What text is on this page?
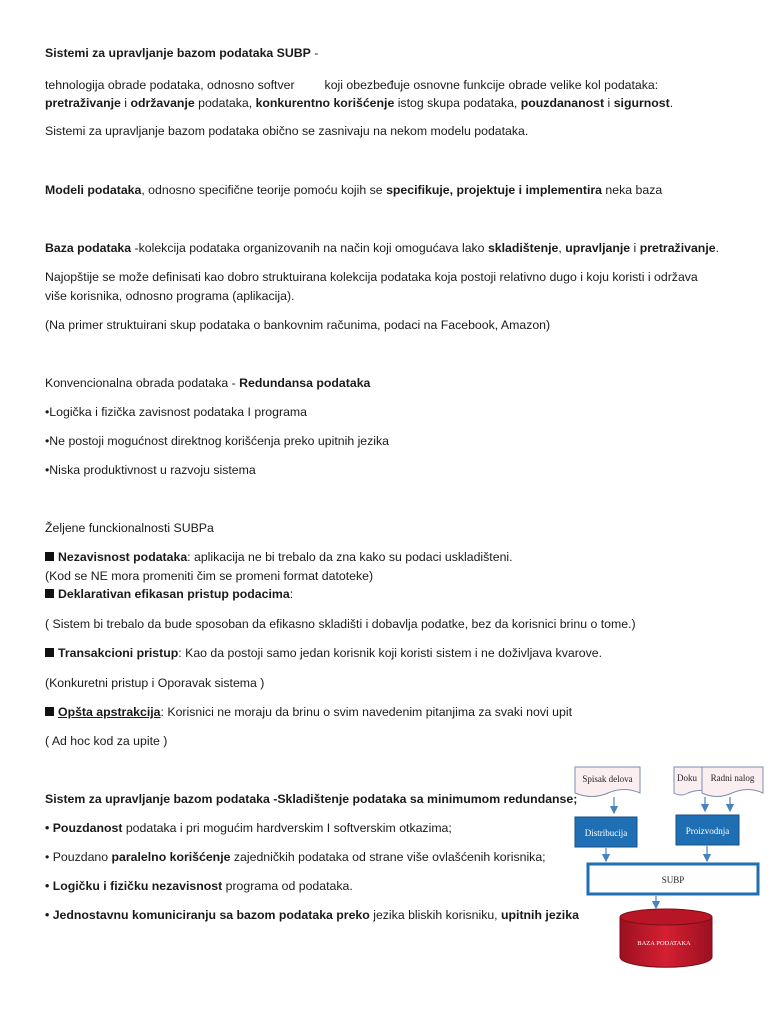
Sistemi za upravljanje bazom podataka SUBP -
tehnologija obrade podataka, odnosno softver koji obezbeđuje osnovne funkcije obrade velike kol podataka:
pretraživanje i održavanje podataka, konkurentno korišćenje istog skupa podataka, pouzdananost i sigurnost.
Sistemi za upravljanje bazom podataka obično se zasnivaju na nekom modelu podataka.
Modeli podataka, odnosno specifične teorije pomoću kojih se specifikuje, projektuje i implementira neka baza
Baza podataka -kolekcija podataka organizovanih na način koji omogućava lako skladištenje, upravljanje i pretraživanje.
Najopštije se može definisati kao dobro struktuirana kolekcija podataka koja postoji relativno dugo i koju koristi i održava
više korisnika, odnosno programa (aplikacija).
(Na primer struktuirani skup podataka o bankovnim računima, podaci na Facebook, Amazon)
Konvencionalna obrada podataka - Redundansa podataka
•Logička i fizička zavisnost podataka I programa
•Ne postoji mogućnost direktnog korišćenja preko upitnih jezika
•Niska produktivnost u razvoju sistema
Željene funckionalnosti SUBPa
Nezavisnost podataka: aplikacija ne bi trebalo da zna kako su podaci uskladišteni.
(Kod se NE mora promeniti čim se promeni format datoteke)
Deklarativan efikasan pristup podacima:
( Sistem bi trebalo da bude sposoban da efikasno skladišti i dobavlja podatke, bez da korisnici brinu o tome.)
Transakcioni pristup: Kao da postoji samo jedan korisnik koji koristi sistem i ne doživljava kvarove.
(Konkuretni pristup i Oporavak sistema )
Opšta apstrakcija: Korisnici ne moraju da brinu o svim navedenim pitanjima za svaki novi upit
( Ad hoc kod za upite )
Sistem za upravljanje bazom podataka -Skladištenje podataka sa minimumom redundanse;
• Pouzdanost podataka i pri mogućim hardverskim I softverskim otkazima;
• Pouzdano paralelno korišćenje zajedničkih podataka od strane više ovlašćenih korisnika;
• Logičku i fizičku nezavisnost programa od podataka.
• Jednostavnu komuniciranju sa bazom podataka preko jezika bliskih korisniku, upitnih jezika
Spisak delova	Doku Radni nalog
Distribucija	Proizvodnja
SUBP
BAZA PODATAKA
